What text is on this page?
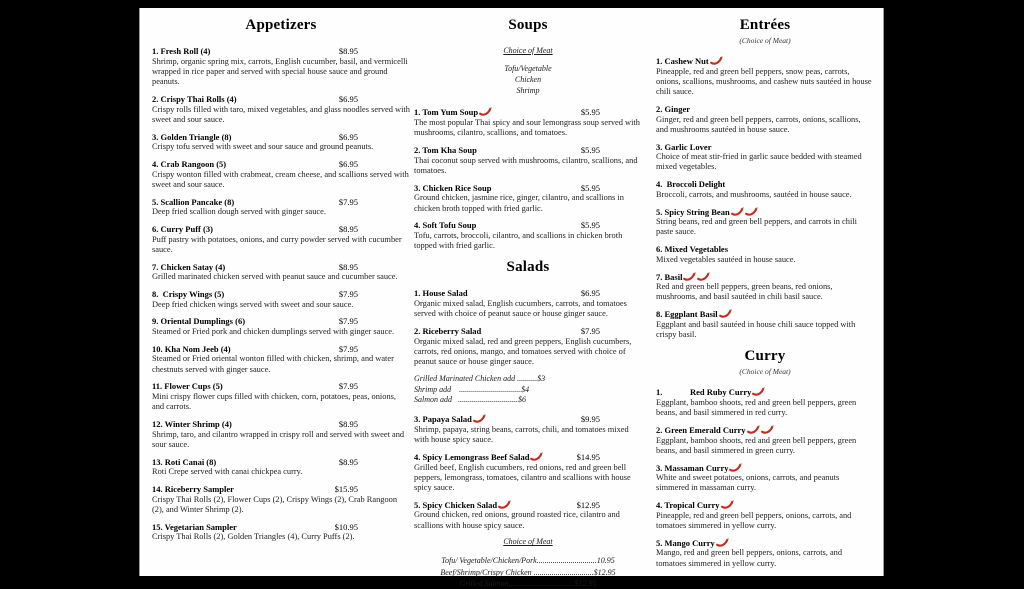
Appetizers
1. Fresh Roll (4)	$8.95
Shrimp, organic spring mix, carrots, English cucumber, basil, and vermicelli wrapped in rice paper and served with special house sauce and ground peanuts.
2. Crispy Thai Rolls (4)	$6.95
Crispy rolls filled with taro, mixed vegetables, and glass noodles served with sweet and sour sauce.
3. Golden Triangle (8)	$6.95
Crispy tofu served with sweet and sour sauce and ground peanuts.
4. Crab Rangoon (5)	$6.95
Crispy wonton filled with crabmeat, cream cheese, and scallions served with sweet and sour sauce.
5. Scallion Pancake (8)	$7.95
Deep fried scallion dough served with ginger sauce.
6. Curry Puff (3)	$8.95
Puff pastry with potatoes, onions, and curry powder served with cucumber sauce.
7. Chicken Satay (4)	$8.95
Grilled marinated chicken served with peanut sauce and cucumber sauce.
8.  Crispy Wings (5)	$7.95
Deep fried chicken wings served with sweet and sour sauce.
9. Oriental Dumplings (6)	$7.95
Steamed or Fried pork and chicken dumplings served with ginger sauce.
10. Kha Nom Jeeb (4)	$7.95
Steamed or Fried oriental wonton filled with chicken, shrimp, and water chestnuts served with ginger sauce.
11. Flower Cups (5)	$7.95
Mini crispy flower cups filled with chicken, corn, potatoes, peas, onions, and carrots.
12. Winter Shrimp (4)	$8.95
Shrimp, taro, and cilantro wrapped in crispy roll and served with sweet and sour sauce.
13. Roti Canai (8)	$8.95
Roti Crepe served with canai chickpea curry.
14. Riceberry Sampler	$15.95
Crispy Thai Rolls (2), Flower Cups (2), Crispy Wings (2), Crab Rangoon (2), and Winter Shrimp (2).
15. Vegetarian Sampler	$10.95
Crispy Thai Rolls (2), Golden Triangles (4), Curry Puffs (2).
Soups
Choice of Meat
Tofu/Vegetable
Chicken
Shrimp
1. Tom Yum Soup	$5.95
The most popular Thai spicy and sour lemongrass soup served with mushrooms, cilantro, scallions, and tomatoes.
2. Tom Kha Soup	$5.95
Thai coconut soup served with mushrooms, cilantro, scallions, and tomatoes.
3. Chicken Rice Soup	$5.95
Ground chicken, jasmine rice, ginger, cilantro, and scallions in chicken broth topped with fried garlic.
4. Soft Tofu Soup	$5.95
Tofu, carrots, broccoli, cilantro, and scallions in chicken broth topped with fried garlic.
Salads
1. House Salad	$6.95
Organic mixed salad, English cucumbers, carrots, and tomatoes served with choice of peanut sauce or house ginger sauce.
2. Riceberry Salad	$7.95
Organic mixed salad, red and green peppers, English cucumbers, carrots, red onions, mango, and tomatoes served with choice of peanut sauce or house ginger sauce.
Grilled Marinated Chicken add ..........$3
Shrimp add    ...............................$4
Salmon add   ..............................$6
3. Papaya Salad	$9.95
Shrimp, papaya, string beans, carrots, chili, and tomatoes mixed with house spicy sauce.
4. Spicy Lemongrass Beef Salad	$14.95
Grilled beef, English cucumbers, red onions, red and green bell peppers, lemongrass, tomatoes, cilantro and scallions with house spicy sauce.
5. Spicy Chicken Salad	$12.95
Ground chicken, red onions, ground roasted rice, cilantro and scallions with house spicy sauce.
Choice of Meat
Tofu/ Vegetable/Chicken/Pork..............................10.95
Beef/Shrimp/Crispy Chicken ..............................$12.95
Grilled Salmon.................................$12.95
Entrées
(Choice of Meat)
1. Cashew Nut
Pineapple, red and green bell peppers, snow peas, carrots, onions, scallions, mushrooms, and cashew nuts sautéed in house chili sauce.
2. Ginger
Ginger, red and green bell peppers, carrots, onions, scallions, and mushrooms sautéed in house sauce.
3. Garlic Lover
Choice of meat stir-fried in garlic sauce bedded with steamed mixed vegetables.
4.  Broccoli Delight
Broccoli, carrots, and mushrooms, sautéed in house sauce.
5. Spicy String Bean
String beans, red and green bell peppers, and carrots in chili paste sauce.
6. Mixed Vegetables
Mixed vegetables sautéed in house sauce.
7. Basil
Red and green bell peppers, green beans, red onions, mushrooms, and basil sautéed in chili basil sauce.
8. Eggplant Basil
Eggplant and basil sautéed in house chili sauce topped with crispy basil.
Curry
(Choice of Meat)
1.             Red Ruby Curry
Eggplant, bamboo shoots, red and green bell peppers, green beans, and basil simmered in red curry.
2. Green Emerald Curry
Eggplant, bamboo shoots, red and green bell peppers, green beans, and basil simmered in green curry.
3. Massaman Curry
White and sweet potatoes, onions, carrots, and peanuts simmered in massaman curry.
4. Tropical Curry
Pineapple, red and green bell peppers, onions, carrots, and tomatoes simmered in yellow curry.
5. Mango Curry
Mango, red and green bell peppers, onions, carrots, and tomatoes simmered in yellow curry.
